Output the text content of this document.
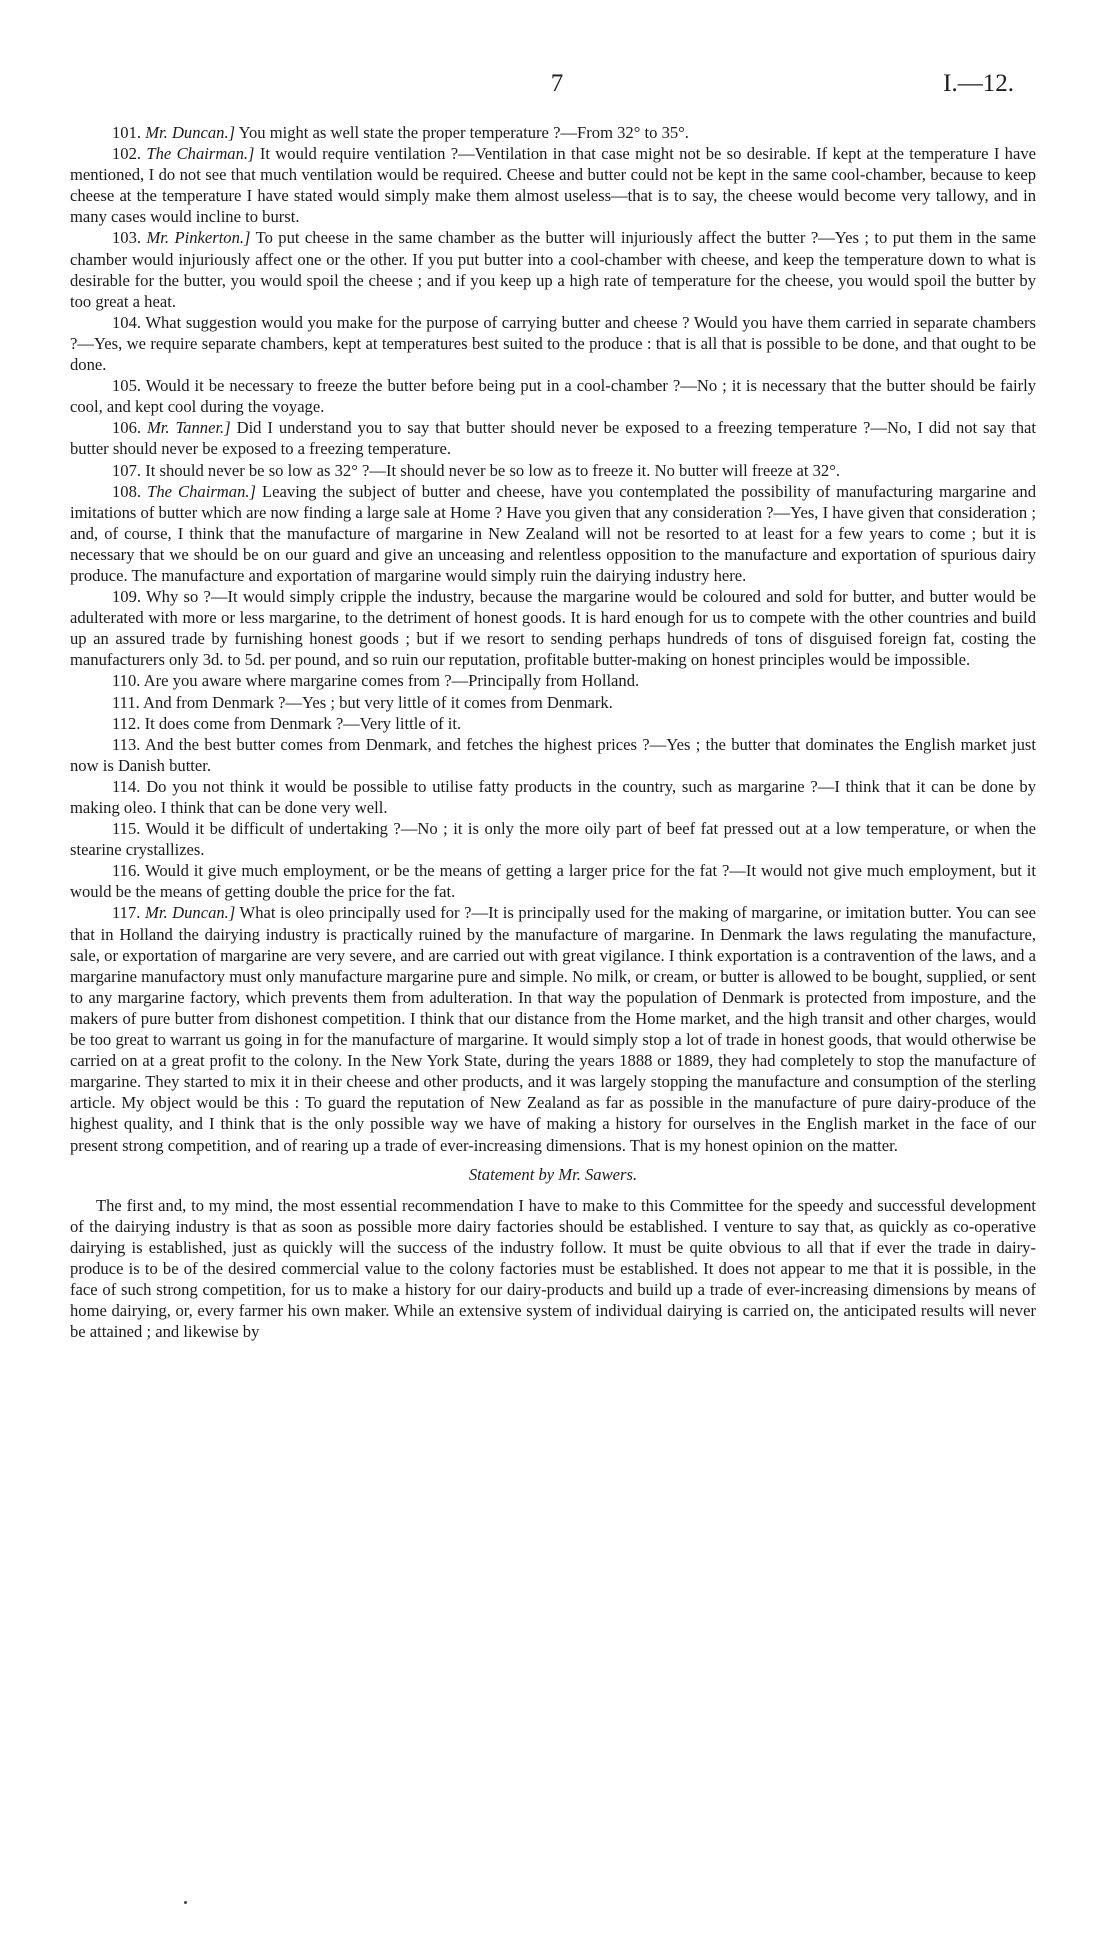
7	I.—12.

101. Mr. Duncan.] You might as well state the proper temperature ?—From 32° to 35°.

102. The Chairman.] It would require ventilation ?—Ventilation in that case might not be so desirable. If kept at the temperature I have mentioned, I do not see that much ventilation would be required. Cheese and butter could not be kept in the same cool-chamber, because to keep cheese at the temperature I have stated would simply make them almost useless—that is to say, the cheese would become very tallowy, and in many cases would incline to burst.

103. Mr. Pinkerton.] To put cheese in the same chamber as the butter will injuriously affect the butter ?—Yes ; to put them in the same chamber would injuriously affect one or the other. If you put butter into a cool-chamber with cheese, and keep the temperature down to what is desirable for the butter, you would spoil the cheese ; and if you keep up a high rate of temperature for the cheese, you would spoil the butter by too great a heat.

104. What suggestion would you make for the purpose of carrying butter and cheese ? Would you have them carried in separate chambers ?—Yes, we require separate chambers, kept at temperatures best suited to the produce : that is all that is possible to be done, and that ought to be done.

105. Would it be necessary to freeze the butter before being put in a cool-chamber ?—No ; it is necessary that the butter should be fairly cool, and kept cool during the voyage.

106. Mr. Tanner.] Did I understand you to say that butter should never be exposed to a freezing temperature ?—No, I did not say that butter should never be exposed to a freezing temperature.

107. It should never be so low as 32° ?—It should never be so low as to freeze it. No butter will freeze at 32°.

108. The Chairman.] Leaving the subject of butter and cheese, have you contemplated the possibility of manufacturing margarine and imitations of butter which are now finding a large sale at Home ? Have you given that any consideration ?—Yes, I have given that consideration ; and, of course, I think that the manufacture of margarine in New Zealand will not be resorted to at least for a few years to come ; but it is necessary that we should be on our guard and give an unceasing and relentless opposition to the manufacture and exportation of spurious dairy produce. The manufacture and exportation of margarine would simply ruin the dairying industry here.

109. Why so ?—It would simply cripple the industry, because the margarine would be coloured and sold for butter, and butter would be adulterated with more or less margarine, to the detriment of honest goods. It is hard enough for us to compete with the other countries and build up an assured trade by furnishing honest goods ; but if we resort to sending perhaps hundreds of tons of disguised foreign fat, costing the manufacturers only 3d. to 5d. per pound, and so ruin our reputation, profitable butter-making on honest principles would be impossible.

110. Are you aware where margarine comes from ?—Principally from Holland.

111. And from Denmark ?—Yes ; but very little of it comes from Denmark.

112. It does come from Denmark ?—Very little of it.

113. And the best butter comes from Denmark, and fetches the highest prices ?—Yes ; the butter that dominates the English market just now is Danish butter.

114. Do you not think it would be possible to utilise fatty products in the country, such as margarine ?—I think that it can be done by making oleo. I think that can be done very well.

115. Would it be difficult of undertaking ?—No ; it is only the more oily part of beef fat pressed out at a low temperature, or when the stearine crystallizes.

116. Would it give much employment, or be the means of getting a larger price for the fat ?—It would not give much employment, but it would be the means of getting double the price for the fat.

117. Mr. Duncan.] What is oleo principally used for ?—It is principally used for the making of margarine, or imitation butter. You can see that in Holland the dairying industry is practically ruined by the manufacture of margarine. In Denmark the laws regulating the manufacture, sale, or exportation of margarine are very severe, and are carried out with great vigilance. I think exportation is a contravention of the laws, and a margarine manufactory must only manufacture margarine pure and simple. No milk, or cream, or butter is allowed to be bought, supplied, or sent to any margarine factory, which prevents them from adulteration. In that way the population of Denmark is protected from imposture, and the makers of pure butter from dishonest competition. I think that our distance from the Home market, and the high transit and other charges, would be too great to warrant us going in for the manufacture of margarine. It would simply stop a lot of trade in honest goods, that would otherwise be carried on at a great profit to the colony. In the New York State, during the years 1888 or 1889, they had completely to stop the manufacture of margarine. They started to mix it in their cheese and other products, and it was largely stopping the manufacture and consumption of the sterling article. My object would be this : To guard the reputation of New Zealand as far as possible in the manufacture of pure dairy-produce of the highest quality, and I think that is the only possible way we have of making a history for ourselves in the English market in the face of our present strong competition, and of rearing up a trade of ever-increasing dimensions. That is my honest opinion on the matter.

Statement by Mr. Sawers.

The first and, to my mind, the most essential recommendation I have to make to this Committee for the speedy and successful development of the dairying industry is that as soon as possible more dairy factories should be established. I venture to say that, as quickly as co-operative dairying is established, just as quickly will the success of the industry follow. It must be quite obvious to all that if ever the trade in dairy-produce is to be of the desired commercial value to the colony factories must be established. It does not appear to me that it is possible, in the face of such strong competition, for us to make a history for our dairy-products and build up a trade of ever-increasing dimensions by means of home dairying, or, every farmer his own maker. While an extensive system of individual dairying is carried on, the anticipated results will never be attained ; and likewise by
